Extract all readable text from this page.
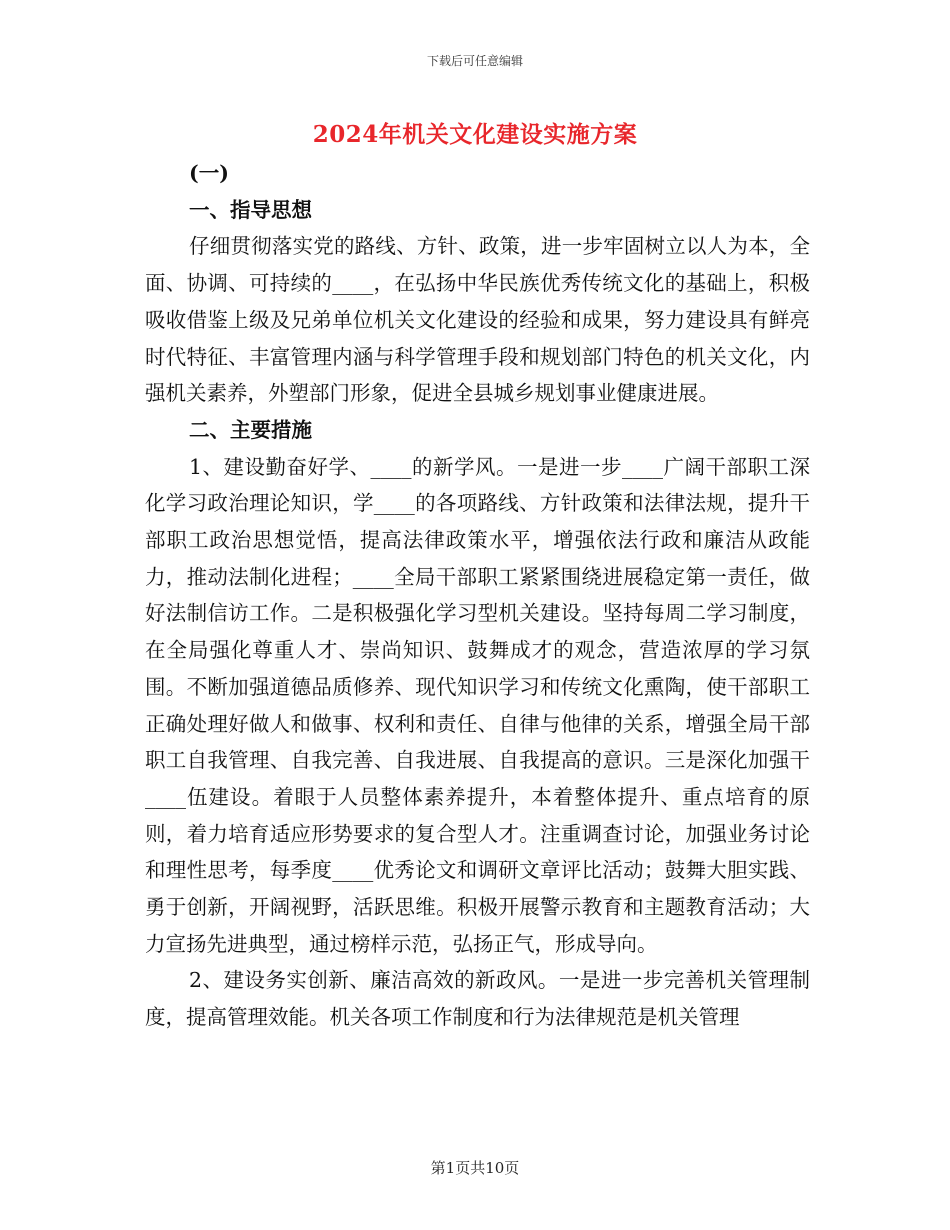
下载后可任意编辑
2024年机关文化建设实施方案
(一)
一、指导思想
仔细贯彻落实党的路线、方针、政策，进一步牢固树立以人为本，全面、协调、可持续的____，在弘扬中华民族优秀传统文化的基础上，积极吸收借鉴上级及兄弟单位机关文化建设的经验和成果，努力建设具有鲜亮时代特征、丰富管理内涵与科学管理手段和规划部门特色的机关文化，内强机关素养，外塑部门形象，促进全县城乡规划事业健康进展。
二、主要措施
1、建设勤奋好学、____的新学风。一是进一步____广阔干部职工深化学习政治理论知识，学____的各项路线、方针政策和法律法规，提升干部职工政治思想觉悟，提高法律政策水平，增强依法行政和廉洁从政能力，推动法制化进程；____全局干部职工紧紧围绕进展稳定第一责任，做好法制信访工作。二是积极强化学习型机关建设。坚持每周二学习制度，在全局强化尊重人才、崇尚知识、鼓舞成才的观念，营造浓厚的学习氛围。不断加强道德品质修养、现代知识学习和传统文化熏陶，使干部职工正确处理好做人和做事、权利和责任、自律与他律的关系，增强全局干部职工自我管理、自我完善、自我进展、自我提高的意识。三是深化加强干____伍建设。着眼于人员整体素养提升，本着整体提升、重点培育的原则，着力培育适应形势要求的复合型人才。注重调查讨论，加强业务讨论和理性思考，每季度____优秀论文和调研文章评比活动；鼓舞大胆实践、勇于创新，开阔视野，活跃思维。积极开展警示教育和主题教育活动；大力宣扬先进典型，通过榜样示范，弘扬正气，形成导向。
2、建设务实创新、廉洁高效的新政风。一是进一步完善机关管理制度，提高管理效能。机关各项工作制度和行为法律规范是机关管理
第1页共10页
